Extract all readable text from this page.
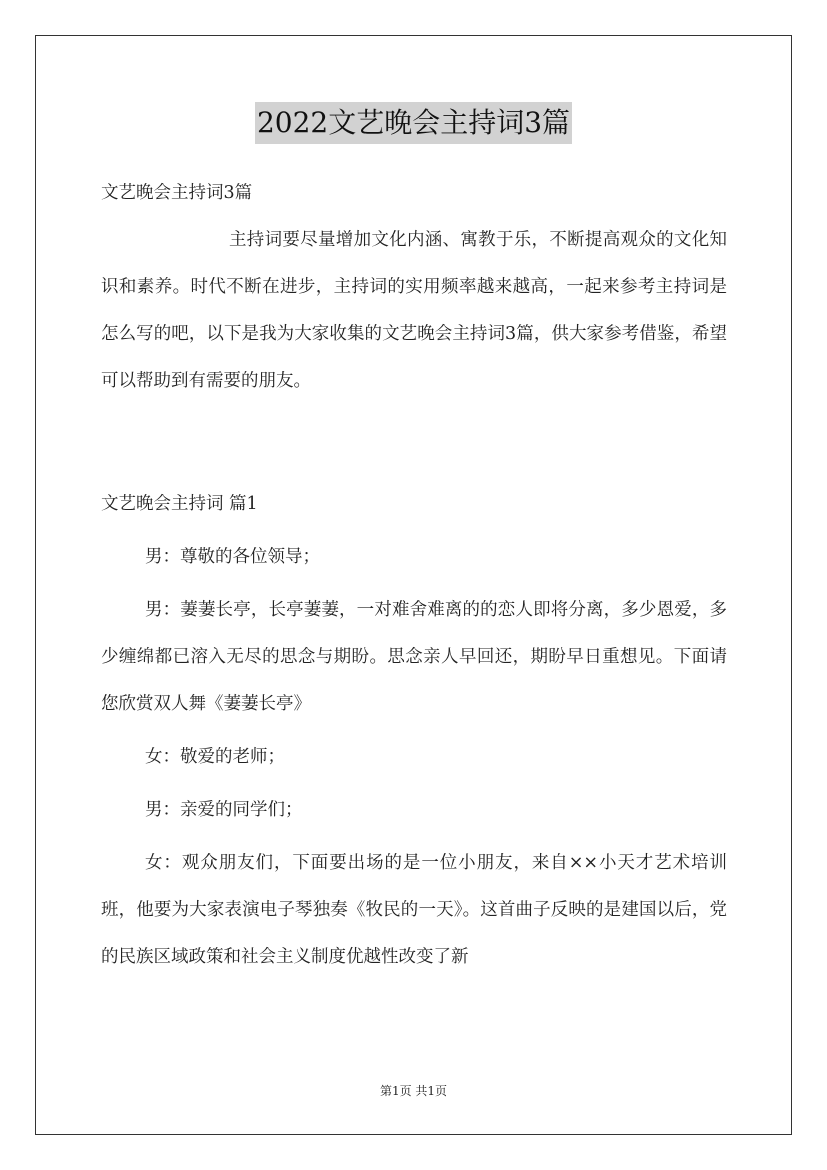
2022文艺晚会主持词3篇

文艺晚会主持词3篇

主持词要尽量增加文化内涵、寓教于乐，不断提高观众的文化知识和素养。时代不断在进步，主持词的实用频率越来越高，一起来参考主持词是怎么写的吧，以下是我为大家收集的文艺晚会主持词3篇，供大家参考借鉴，希望可以帮助到有需要的朋友。

文艺晚会主持词 篇1

男：尊敬的各位领导；

男：萋萋长亭，长亭萋萋，一对难舍难离的的恋人即将分离，多少恩爱，多少缠绵都已溶入无尽的思念与期盼。思念亲人早回还，期盼早日重想见。下面请您欣赏双人舞《萋萋长亭》

女：敬爱的老师；

男：亲爱的同学们；

女：观众朋友们，下面要出场的是一位小朋友，来自××小天才艺术培训班，他要为大家表演电子琴独奏《牧民的一天》。这首曲子反映的是建国以后，党的民族区域政策和社会主义制度优越性改变了新

第1页 共1页
